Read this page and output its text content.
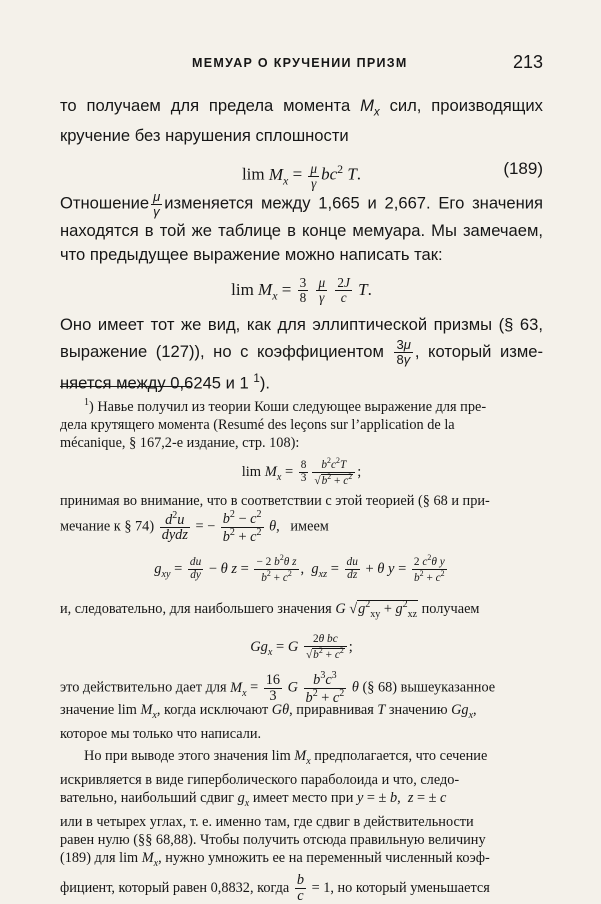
МЕМУАР О КРУЧЕНИИ ПРИЗМ	213
то получаем для предела момента $M_x$ сил, производящих
кручение без нарушения сплошности
$\lim M_x = \frac{\mu}{\gamma} bc^2$ T.	(189)
Отношение $\frac{\mu}{\gamma}$ изменяется между 1,665 и 2,667. Его значения
находятся в той же таблице в конце мемуара. Мы замечаем,
что предыдущее выражение можно написать так:
$\lim M_x = \frac{3}{8}$
$\frac{\mu}{\gamma}$
$\frac{2J}{c} T$.
Оно имеет тот же вид, как для эллиптической призмы (§ 63,
выражение (127)), но с коэффициентом $\frac{3\mu}{8\gamma}$ , который изме-
няется между 0,6245 и 1 $^1$).
$^1$) Навье получил из теории Коши следующее выражение для пре-
дела крутящего момента (Resumé des leçons sur l’application de la
mécanique, § 167,2-е издание, стр. 108):
$\lim M_x = \frac{8}{3} \frac{b^2c^2T}{√b^2 + c^2}$ ;
принимая во внимание, что в соответствии с этой теорией (§ 68 и при-
мечание к § $74) \frac{d^2u}{\text{dydz}}$ = − $\frac{b^2 - c^2}{b^2 + c^2} \theta$,   имеем
$g_{xy} = \frac{du}{dy} - \theta$ $z = \frac{- 2 b^2\theta z}{b^2 + c^2}$ ,  $g_{xz} = \frac{du}{dz} + \theta$ $y = \frac{2 c^2\theta y}{b^2 + c^2}$
и, следовательно, для наибольшего значения G $√g^2_{xy} + g^2_{xz}$ получаем
$Gg_x = G \frac{\text{2θ bc}}{√b^2 + c^2}$ ;
это действительно дает для $M_x = \frac{16}{3}$ G $\frac{b^3c^3}{b^2 + c^2}$ θ (§ 68) вышеуказанное
значение $\lim M_x$, когда исключают Gθ, приравнивая T значению $Gg_x$,
которое мы только что написали.
Но при выводе этого значения $\lim M_x$ предполагается, что сечение
искривляется в виде гиперболического параболоида и что, следо-
вательно, наибольший сдвиг $g_x$ имеет место при y = ± b,  z = ± c
или в четырех углах, т. е. именно там, где сдвиг в действительности
равен нулю (§§ 68,88). Чтобы получить отсюда правильную величину
(189) для $\lim M_x$, нужно умножить ее на переменный численный коэф-
фициент, который равен 0,8832, когда $\frac{b}{c} = 1$, но который уменьшается
